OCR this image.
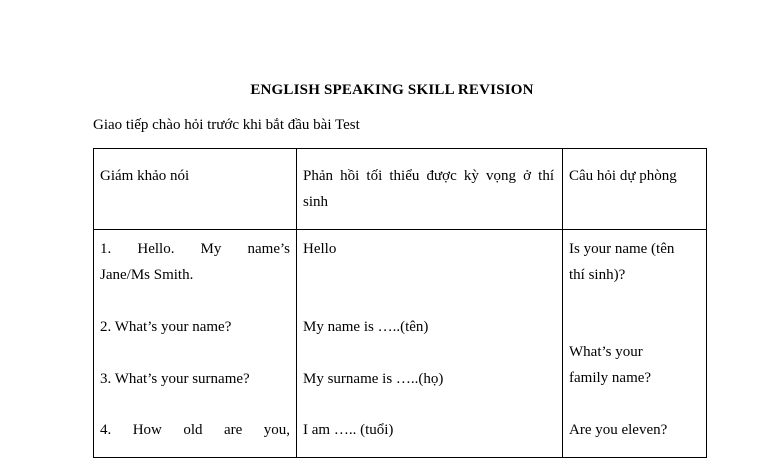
ENGLISH SPEAKING SKILL REVISION
Giao tiếp chào hỏi trước khi bắt đầu bài Test
Giám khảo nói	Phản hồi tối thiểu được kỳ vọng ở thí sinh
Câu hỏi dự phòng
1.  Hello.  My  name’s
Jane/Ms Smith.
2. What’s your name?
3. What’s your surname?
4.  How  old  are  you,
Hello
My name is …..(tên)
My surname is …..(họ)
I am ….. (tuổi)
Is your name (tên
thí sinh)?
What’s your
family name?
Are you eleven?
